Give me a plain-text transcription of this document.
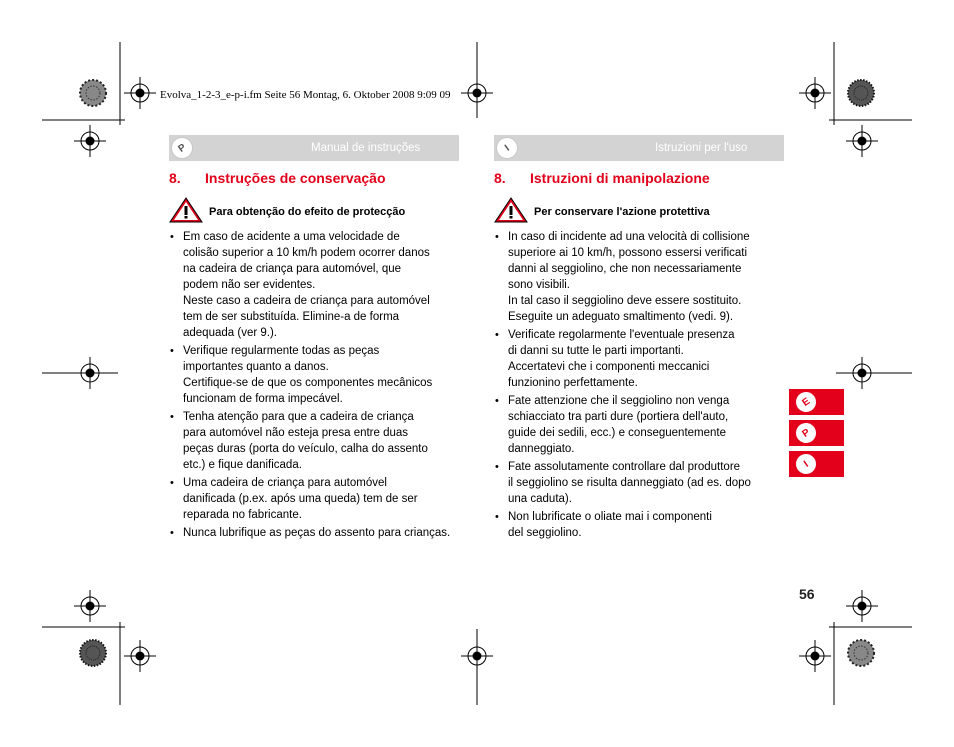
Evolva_1-2-3_e-p-i.fm Seite 56 Montag, 6. Oktober 2008 9:09 09
P	Manual de instruções
8. Instruções de conservação
Para obtenção do efeito de protecção
• Em caso de acidente a uma velocidade de
colisão superior a 10 km/h podem ocorrer danos
na cadeira de criança para automóvel, que
podem não ser evidentes.
Neste caso a cadeira de criança para automóvel
tem de ser substituída. Elimine-a de forma
adequada (ver 9.).
• Verifique regularmente todas as peças
importantes quanto a danos.
Certifique-se de que os componentes mecânicos
funcionam de forma impecável.
• Tenha atenção para que a cadeira de criança
para automóvel não esteja presa entre duas
peças duras (porta do veículo, calha do assento
etc.) e fique danificada.
• Uma cadeira de criança para automóvel
danificada (p.ex. após uma queda) tem de ser
reparada no fabricante.
• Nunca lubrifique as peças do assento para crianças.
I	Istruzioni per l'uso
8. Istruzioni di manipolazione
Per conservare l'azione protettiva
• In caso di incidente ad una velocità di collisione
superiore ai 10 km/h, possono essersi verificati
danni al seggiolino, che non necessariamente
sono visibili.
In tal caso il seggiolino deve essere sostituito.
Eseguite un adeguato smaltimento (vedi. 9).
• Verificate regolarmente l'eventuale presenza
di danni su tutte le parti importanti.
Accertatevi che i componenti meccanici
funzionino perfettamente.
• Fate attenzione che il seggiolino non venga
schiacciato tra parti dure (portiera dell'auto,
guide dei sedili, ecc.) e conseguentemente
danneggiato.
• Fate assolutamente controllare dal produttore
il seggiolino se risulta danneggiato (ad es. dopo
una caduta).
• Non lubrificate o oliate mai i componenti
del seggiolino.
E
P
I
56
